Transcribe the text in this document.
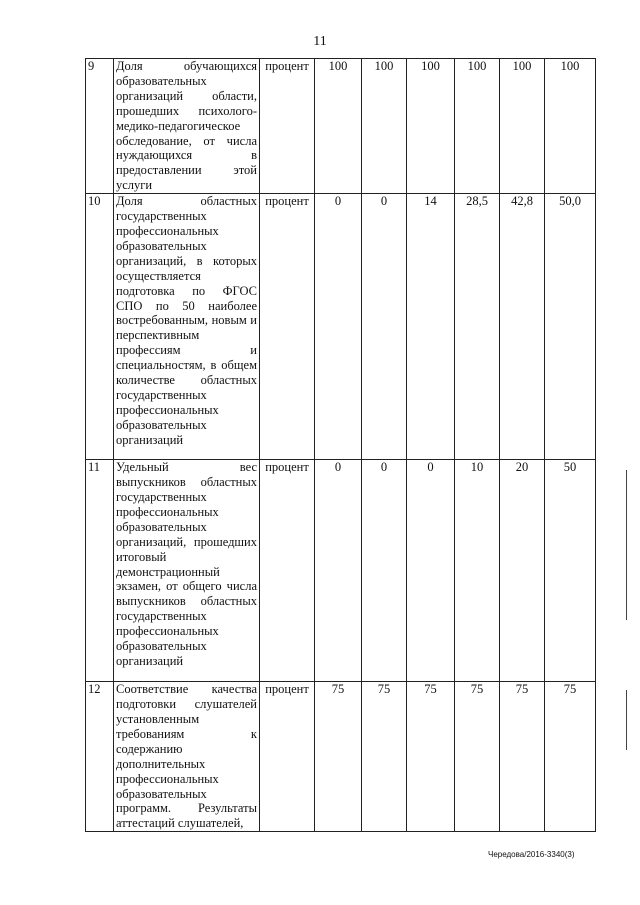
11
9	Доля обучающихся образовательных организаций области, прошедших психолого-медико-педагогическое обследование, от числа нуждающихся в предоставлении этой услуги	процент	100	100	100	100	100	100
10	Доля областных государственных профессиональных образовательных организаций, в которых осуществляется подготовка по ФГОС СПО по 50 наиболее востребованным, новым и перспективным профессиям и специальностям, в общем количестве областных государственных профессиональных образовательных организаций	процент	0	0	14	28,5	42,8	50,0
11	Удельный вес выпускников областных государственных профессиональных образовательных организаций, прошедших итоговый демонстрационный экзамен, от общего числа выпускников областных государственных профессиональных образовательных организаций	процент	0	0	0	10	20	50
12	Соответствие качества подготовки слушателей установленным требованиям к содержанию дополнительных профессиональных образовательных программ. Результаты аттестаций слушателей,	процент	75	75	75	75	75	75
Чередова/2016-3340(3)
